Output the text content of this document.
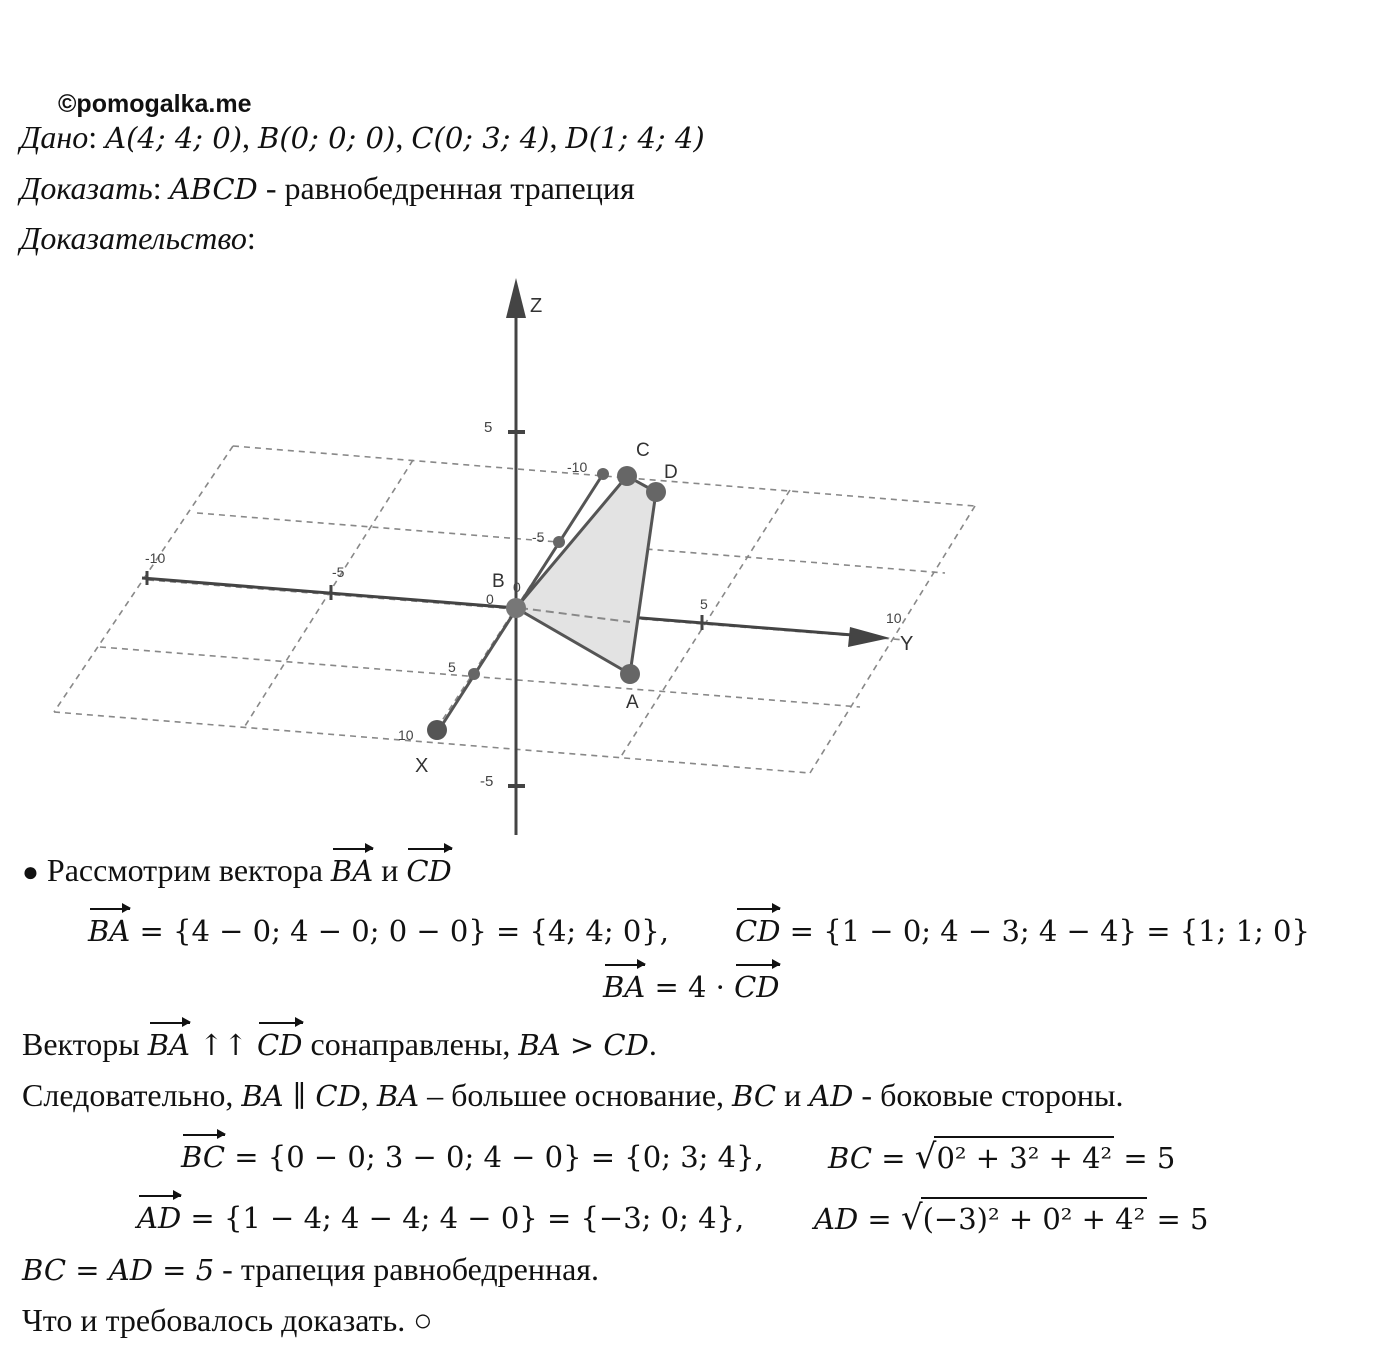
©pomogalka.me
Дано: A(4; 4; 0), B(0; 0; 0), C(0; 3; 4), D(1; 4; 4)
Доказать: ABCD - равнобедренная трапеция
Доказательство:
Z
Y
X
5
-5
-10
-5
5
10
-10
-5
5
10
0
0
B
C
D
A
● Рассмотрим вектора BA и CD
BA = {4 − 0; 4 − 0; 0 − 0} = {4; 4; 0}, CD = {1 − 0; 4 − 3; 4 − 4} = {1; 1; 0}
BA = 4 · CD
Векторы BA ↑↑ CD сонаправлены, BA > CD.
Следовательно, BA ∥ CD, BA – большее основание, BC и AD - боковые стороны.
BC = {0 − 0; 3 − 0; 4 − 0} = {0; 3; 4}, BC = √0² + 3² + 4² = 5
AD = {1 − 4; 4 − 4; 4 − 0} = {−3; 0; 4}, AD = √(−3)² + 0² + 4² = 5
BC = AD = 5 - трапеция равнобедренная.
Что и требовалось доказать. ○
